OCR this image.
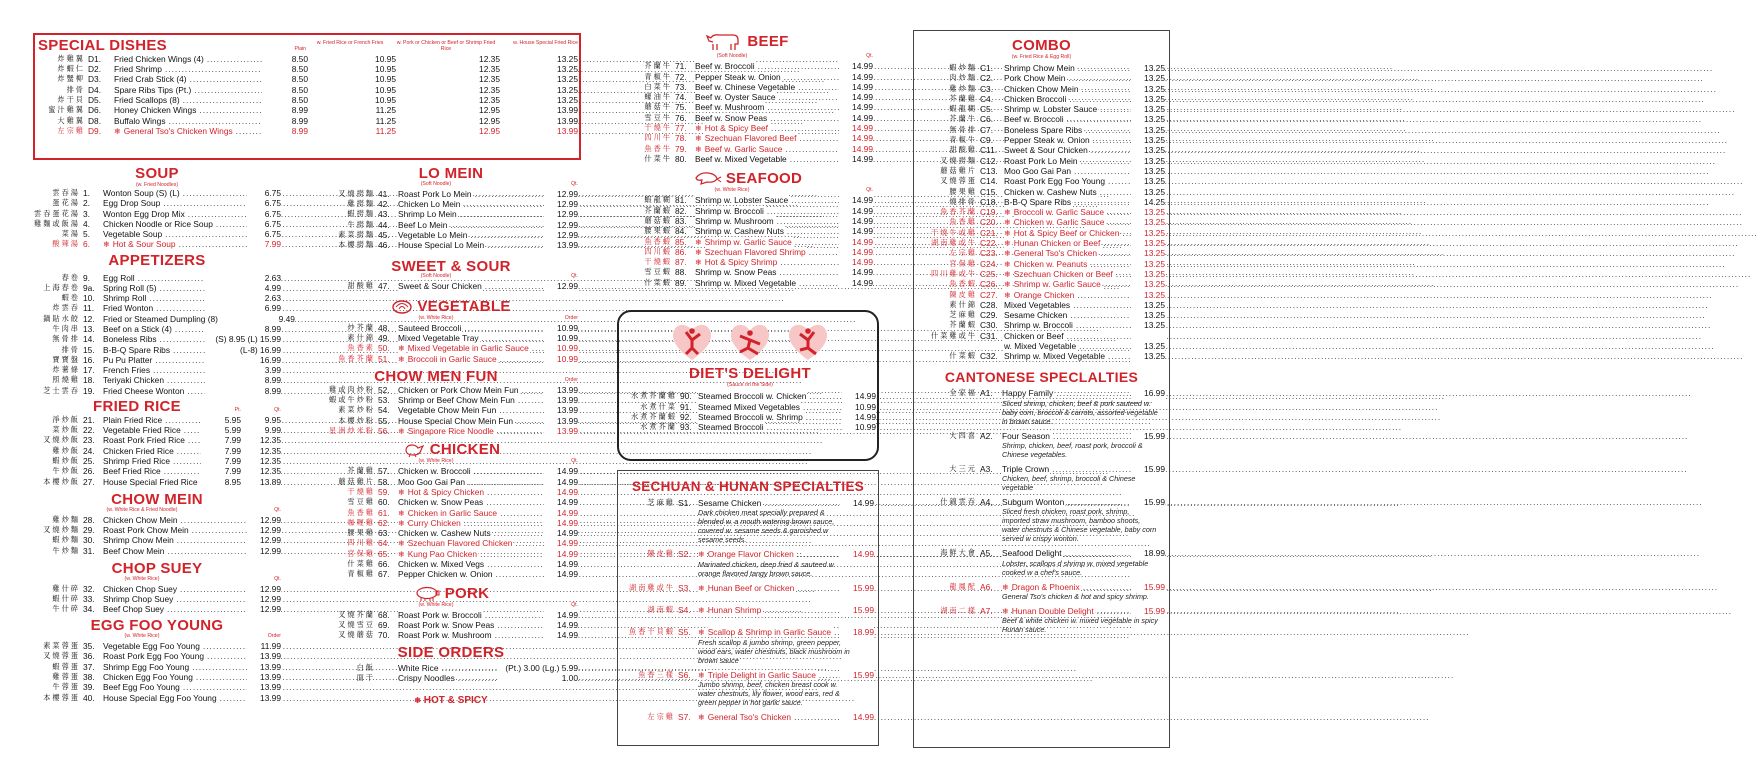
SPECIAL DISHES	Plain
w. Fried Rice or French Fries	w. Pork or Chicken or Beef or Shrimp Fried Rice
w. House Special Fried Rice
炸雞翼 D1.	Fried Chicken Wings (4) .....	8.50	10.95	12.35	13.25
炸蝦仁 D2.	Fried Shrimp .....	8.50	10.95	12.35	13.25
炸蟹柳 D3.	Fried Crab Stick (4) .....	8.50	10.95	12.35	13.25
排骨 D4.	Spare Ribs Tips (Pt.) .....	8.50	10.95	12.35	13.25
炸干貝 D5.	Fried Scallops (8) .....	8.50	10.95	12.35	13.25
蜜汁雞翼 D6.	Honey Chicken Wings .....	8.99	11.25	12.95	13.99
大雞翼 D8.	Buffalo Wings .....	8.99	11.25	12.95	13.99
左宗雞 D9.	❄ General Tso's Chicken Wings .....	8.99	11.25	12.95	13.99
SOUP
(w. Fried Noodles)
雲吞湯 1.	Wonton Soup (S) (L) .....	6.75
蛋花湯 2.	Egg Drop Soup .....	6.75
雲吞蛋花湯 3.	Wonton Egg Drop Mix .....	6.75
雞麵或飯湯 4.	Chicken Noodle or Rice Soup .....	6.75
菜湯 5.	Vegetable Soup .....	6.75
酸辣湯 6.	❄ Hot & Sour Soup .....	7.99
APPETIZERS
春卷 9.	Egg Roll .....	2.63
上海春卷 9a. Spring Roll (5) .....	4.99
蝦卷 10. Shrimp Roll .....	2.63
炸雲吞 11.	Fried Wonton .....	6.99
鍋貼水餃 12. Fried or Steamed Dumpling (8) .....	9.49
牛肉串 13. Beef on a Stick (4) .....	8.99
無骨排 14. Boneless Ribs .....	(S) 8.95 (L) 15.99
排骨 15. B-B-Q Spare Ribs .....	(L-8) 16.99
寶寶盤 16. Pu Pu Platter .....	16.99
炸薯條 17. French Fries .....	3.99
照燒雞 18. Teriyaki Chicken .....	8.99
芝士雲吞 19. Fried Cheese Wonton .....	8.99
FRIED RICE	Pt.	Qt.
淨炒飯 21. Plain Fried Rice .....	5.95	9.95
菜炒飯 22. Vegetable Fried Rice .....	5.99	9.99
叉燒炒飯 23. Roast Pork Fried Rice .....	7.99	12.35
雞炒飯 24. Chicken Fried Rice .....	7.99	12.35
蝦炒飯 25. Shrimp Fried Rice .....	7.99	12.35
牛炒飯 26. Beef Fried Rice .....	7.99	12.35
本樓炒飯 27. House Special Fried Rice .....	8.95	13.89
CHOW MEIN
(w. White Rice & Fried Noodle)	Qt.
雞炒麵 28. Chicken Chow Mein .....	12.99
叉燒炒麵 29. Roast Pork Chow Mein .....	12.99
蝦炒麵 30. Shrimp Chow Mein .....	12.99
牛炒麵 31. Beef Chow Mein .....	12.99
CHOP SUEY
(w. White Rice)	Qt.
雞什碎 32. Chicken Chop Suey .....	12.99
蝦什碎 33. Shrimp Chop Suey .....	12.99
牛什碎 34. Beef Chop Suey .....	12.99
EGG FOO YOUNG
(w. White Rice)	Order
素菜蓉蛋 35. Vegetable Egg Foo Young .....	11.99
叉燒蓉蛋 36. Roast Pork Egg Foo Young .....	13.99
蝦蓉蛋 37. Shrimp Egg Foo Young .....	13.99
雞蓉蛋 38. Chicken Egg Foo Young .....	13.99
牛蓉蛋 39. Beef Egg Foo Young .....	13.99
本樓蓉蛋 40. House Special Egg Foo Young .....	13.99
LO MEIN
(Soft Noodle)	Qt.
叉燒撈麵 41. Roast Pork Lo Mein .....	12.99
雞撈麵 42. Chicken Lo Mein .....	12.99
蝦撈麵 43. Shrimp Lo Mein .....	12.99
牛撈麵 44. Beef Lo Mein .....	12.99
素菜撈麵 45. Vegetable Lo Mein .....	12.99
本樓撈麵 46. House Special Lo Mein .....	13.99
SWEET & SOUR
(Soft Noodle)	Qt.
甜酸雞 47. Sweet & Sour Chicken .....	12.99
VEGETABLE
(w. White Rice)	Order
炒芥蘭 48. Sauteed Broccoli .....	10.99
素什錦 49. Mixed Vegetable Tray .....	10.99
魚香素 50.	❄ Mixed Vegetable in Garlic Sauce .....	10.99
魚香芥蘭 51.	❄ Broccoli in Garlic Sauce .....	10.99
CHOW MEN FUN	Order
雞或肉炒粉 52. Chicken or Pork Chow Mein Fun .....	13.99
蝦或牛炒粉 53. Shrimp or Beef Chow Mein Fun .....	13.99
素菜炒粉 54. Vegetable Chow Mein Fun .....	13.99
本樓炒粉 55. House Special Chow Mein Fun .....	13.99
星洲炒米粉 56.	❄ Singapore Rice Noodle .....	13.99
CHICKEN
(w. White Rice)	Qt.
芥蘭雞 57. Chicken w. Broccoli .....	14.99
蘑菇雞片 58. Moo Goo Gai Pan .....	14.99
干燒雞 59.	❄ Hot & Spicy Chicken .....	14.99
雪豆雞 60. Chicken w. Snow Peas .....	14.99
魚香雞 61.	❄ Chicken in Garlic Sauce .....	14.99
咖喱雞 62.	❄ Curry Chicken .....	14.99
腰果雞 63. Chicken w. Cashew Nuts .....	14.99
四川雞 64.	❄ Szechuan Flavored Chicken .....	14.99
宮保雞 65.	❄ Kung Pao Chicken .....	14.99
什菜雞 66. Chicken w. Mixed Vegs .....	14.99
青椒雞 67. Pepper Chicken w. Onion .....	14.99
PORK
(w. White Rice)	Qt.
叉燒芥蘭 68. Roast Pork w. Broccoli .....	14.99
叉燒雪豆 69. Roast Pork w. Snow Peas .....	14.99
叉燒蘑菇 70. Roast Pork w. Mushroom .....	14.99
SIDE ORDERS
白飯	White Rice .....	(Pt.) 3.00 (Lg.) 5.99
面干	Crispy Noodles .....	1.00
❄ HOT & SPICY
BEEF
(Soft Noodle)	Qt.
芥蘭牛 71. Beef w. Broccoli .....	14.99
青椒牛 72. Pepper Steak w. Onion .....	14.99
白菜牛 73. Beef w. Chinese Vegetable .....	14.99
蠔油牛 74. Beef w. Oyster Sauce .....	14.99
蘑菇牛 75. Beef w. Mushroom .....	14.99
雪豆牛 76. Beef w. Snow Peas .....	14.99
干燒牛 77.	❄ Hot & Spicy Beef .....	14.99
四川牛 78.	❄ Szechuan Flavored Beef .....	14.99
魚香牛 79.	❄ Beef w. Garlic Sauce .....	14.99
什菜牛 80. Beef w. Mixed Vegetable .....	14.99
SEAFOOD
(w. White Rice)	Qt.
蝦龍糊 81. Shrimp w. Lobster Sauce .....	14.99
芥蘭蝦 82. Shrimp w. Broccoli .....	14.99
蘑菇蝦 83. Shrimp w. Mushroom .....	14.99
腰果蝦 84. Shrimp w. Cashew Nuts .....	14.99
魚香蝦 85.	❄ Shrimp w. Garlic Sauce .....	14.99
四川蝦 86.	❄ Szechuan Flavored Shrimp .....	14.99
干燒蝦 87.	❄ Hot & Spicy Shrimp .....	14.99
雪豆蝦 88. Shrimp w. Snow Peas .....	14.99
什菜蝦 89. Shrimp w. Mixed Vegetable .....	14.99
DIET'S DELIGHT
(Sauce on the Side)
水煮芥蘭雞 90. Steamed Broccoli w. Chicken .....	14.99
水煮什菜 91. Steamed Mixed Vegetables .....	10.99
水煮芥蘭蝦 92. Steamed Broccoli w. Shrimp .....	14.99
水煮芥蘭 93. Steamed Broccoli .....	10.99
SECHUAN & HUNAN SPECIALTIES
芝麻雞 S1. Sesame Chicken .....	14.99
Dark chicken meat specially prepared & blended w. a mouth watering brown sauce, covered w. sesame seeds & garnished w sesame seeds.
陳皮雞 S2. ❄ Orange Flavor Chicken .....	14.99
Marinated chicken, deep fried & sauteed w. orange flavored tangy brown sauce.
湖南雞或牛 S3. ❄ Hunan Beef or Chicken .....	15.99
湖南蝦 S4. ❄ Hunan Shrimp .....	15.99
魚香干貝蝦 S5. ❄ Scallop & Shrimp in Garlic Sauce .....	18.99
Fresh scallop & jumbo shrimp, green pepper, wood ears, water chestnuts, black mushroom in brown sauce
魚香三樣 S6. ❄ Triple Delight in Garlic Sauce .....	15.99
Jumbo shrimp, beef, chicken breast cook w. water chestnuts, lily flower, wood ears, red & green pepper in hot garlic sauce.
左宗雞 S7. ❄ General Tso's Chicken .....	14.99
COMBO
(w. Fried Rice & Egg Roll)
蝦炒麵 C1.	Shrimp Chow Mein .....	13.25
肉炒麵 C2.	Pork Chow Mein .....	13.25
雞炒麵 C3.	Chicken Chow Mein .....	13.25
芥蘭雞 C4.	Chicken Broccoli .....	13.25
蝦龍糊 C5.	Shrimp w. Lobster Sauce .....	13.25
芥蘭牛 C6.	Beef w. Broccoli .....	13.25
無骨排 C7.	Boneless Spare Ribs .....	13.25
青椒牛 C9.	Pepper Steak w. Onion .....	13.25
甜酸雞 C11. Sweet & Sour Chicken .....	13.25
叉燒撈麵 C12. Roast Pork Lo Mein .....	13.25
蘑菇雞片 C13. Moo Goo Gai Pan .....	13.25
叉燒蓉蛋 C14. Roast Pork Egg Foo Young .....	13.25
腰果雞 C15. Chicken w. Cashew Nuts .....	13.25
燒排骨 C18. B-B-Q Spare Ribs .....	14.25
魚香芥蘭 C19. ❄ Broccoli w. Garlic Sauce .....	13.25
魚香雞 C20. ❄ Chicken w. Garlic Sauce .....	13.25
干燒牛或雞 C21. ❄ Hot & Spicy Beef or Chicken .....	13.25
湖南雞或牛 C22. ❄ Hunan Chicken or Beef .....	13.25
左宗雞 C23. ❄ General Tso's Chicken .....	13.25
宮保雞 C24. ❄ Chicken w. Peanuts .....	13.25
四川雞或牛 C25. ❄ Szechuan Chicken or Beef .....	13.25
魚香蝦 C26. ❄ Shrimp w. Garlic Sauce .....	13.25
陳皮雞 C27. ❄ Orange Chicken .....	13.25
素什錦 C28. Mixed Vegetables .....	13.25
芝麻雞 C29. Sesame Chicken .....	13.25
芥蘭蝦 C30. Shrimp w. Broccoli .....	13.25
什菜雞或牛 C31. Chicken or Beef .....
w. Mixed Vegetable .....	13.25
什菜蝦 C32. Shrimp w. Mixed Vegetable .....	13.25
CANTONESE SPECLALTIES
全家福 A1.	Happy Family .....	16.99
Sliced shrimp, chicken, beef & pork sauteed w. baby corn, broccoli & carrots, assorted vegetable in brown sauce.
大四喜 A2.	Four Season .....	15.99
Shrimp, chicken, beef, roast pork, broccoli & Chinese vegetables.
大三元 A3.	Triple Crown .....	15.99
Chicken, beef, shrimp, broccoli & Chinese vegetable
什錦雲吞 A4.	Subgum Wonton .....	15.99
Sliced fresh chicken, roast pork, shrimp, imported straw mushroom, bamboo shoots, water chestnuts & Chinese vegetable, baby corn served w crispy wonton.
海鮮大會 A5.	Seafood Delight .....	18.99
Lobster, scallops d shrimp w. mixed vegetable cooked w a chef's sauce.
龍鳳配 A6.	❄ Dragon & Phoenix .....	15.99
General Tso's chicken & hot and spicy shrimp.
湖南二樣 A7.	❄ Hunan Double Delight .....	15.99
Beef & white chicken w. mixed vegetable in spicy Hunan sauce.
